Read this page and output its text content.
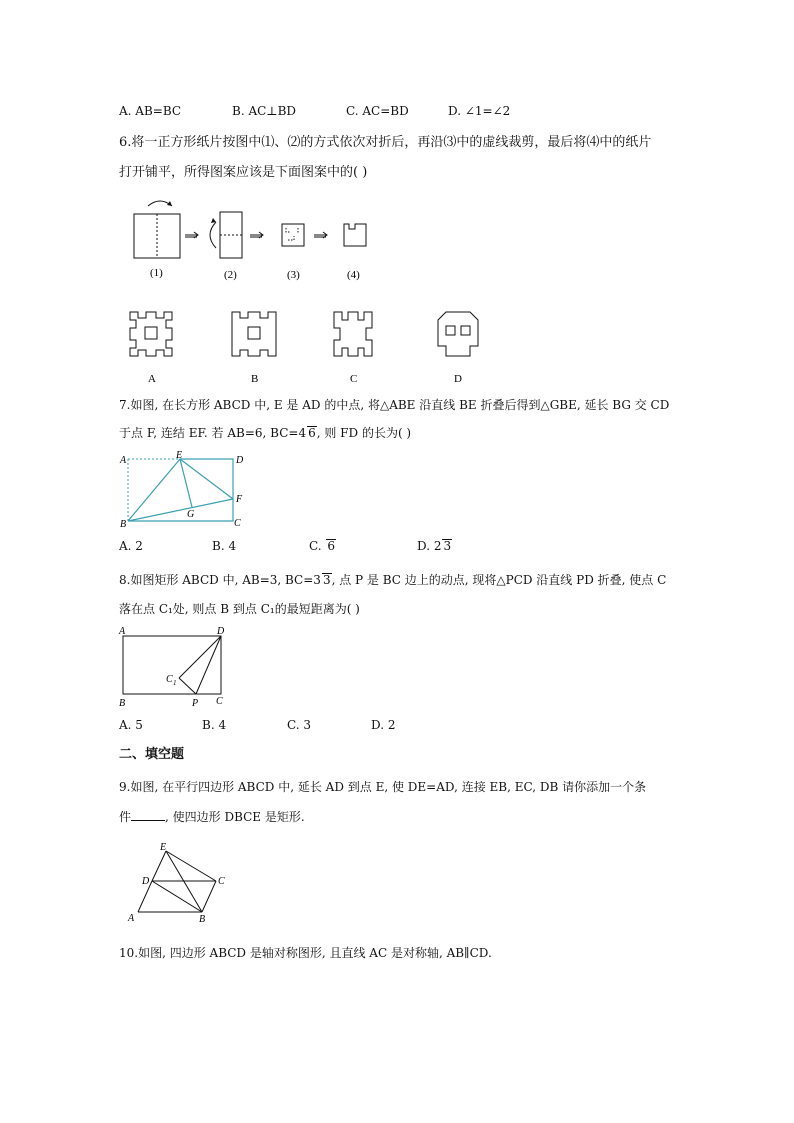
A. AB=BC	B. AC⊥BD	C. AC=BD	D. ∠1=∠2
6.将一正方形纸片按图中⑴、⑵的方式依次对折后，再沿⑶中的虚线裁剪，最后将⑷中的纸片
打开铺平，所得图案应该是下面图案中的( )
(1)	(2)	(3)	(4)
A	B	C	D
7.如图, 在长方形 ABCD 中, E 是 AD 的中点, 将△ABE 沿直线 BE 折叠后得到△GBE, 延长 BG 交 CD
于点 F, 连结 EF. 若 AB=6, BC=4 6, 则 FD 的长为( )
A	E	D
F
G
B	C
A. 2	B. 4	C. 6	D. 2 3
8.如图矩形 ABCD 中, AB=3, BC=3 3, 点 P 是 BC 边上的动点, 现将△PCD 沿直线 PD 折叠, 使点 C
落在点 C₁处, 则点 B 到点 C₁的最短距离为( )
A	D
C 1
B	P C
A. 5	B. 4	C. 3	D. 2
二、填空题
9.如图, 在平行四边形 ABCD 中, 延长 AD 到点 E, 使 DE=AD, 连接 EB, EC, DB 请你添加一个条
件	, 使四边形 DBCE 是矩形.
E
D	C
A	B
10.如图, 四边形 ABCD 是轴对称图形, 且直线 AC 是对称轴, AB∥CD.
